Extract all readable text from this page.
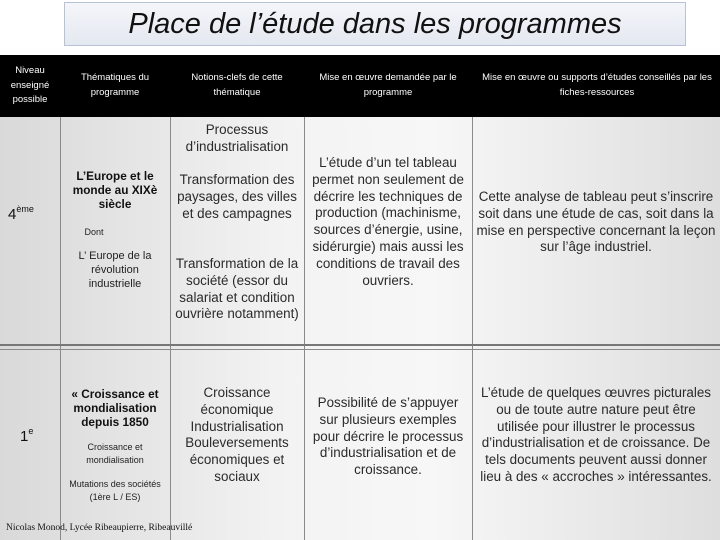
Place de l’étude dans les programmes
Niveau enseigné possible
Thématiques du programme
Notions-clefs de cette thématique
Mise en œuvre demandée par le programme
Mise en œuvre ou supports d’études conseillés par les fiches-ressources
4ème
L’Europe et le monde au XIXè siècle
Dont
L’ Europe de la révolution industrielle
Processus d’industrialisation
Transformation des paysages, des villes et des campagnes
Transformation de la société (essor du salariat et condition ouvrière notamment)
L’étude d’un tel tableau permet non seulement de décrire les techniques de production (machinisme, sources d’énergie, usine, sidérurgie) mais aussi les conditions de travail des ouvriers.
Cette analyse de tableau peut s’inscrire soit dans une étude de cas, soit dans la mise en perspective concernant la leçon sur l’âge industriel.
1e
« Croissance et mondialisation depuis 1850
Croissance et mondialisation
Mutations des sociétés (1ère L / ES)
Croissance économique Industrialisation Bouleversements économiques et sociaux
Possibilité de s’appuyer sur plusieurs exemples pour décrire le processus d’industrialisation et de croissance.
L’étude de quelques œuvres picturales ou de toute autre nature peut être utilisée pour illustrer le processus d’industrialisation et de croissance. De tels documents peuvent aussi donner lieu à des « accroches » intéressantes.
Nicolas Monod, Lycée Ribeaupierre, Ribeauvillé
